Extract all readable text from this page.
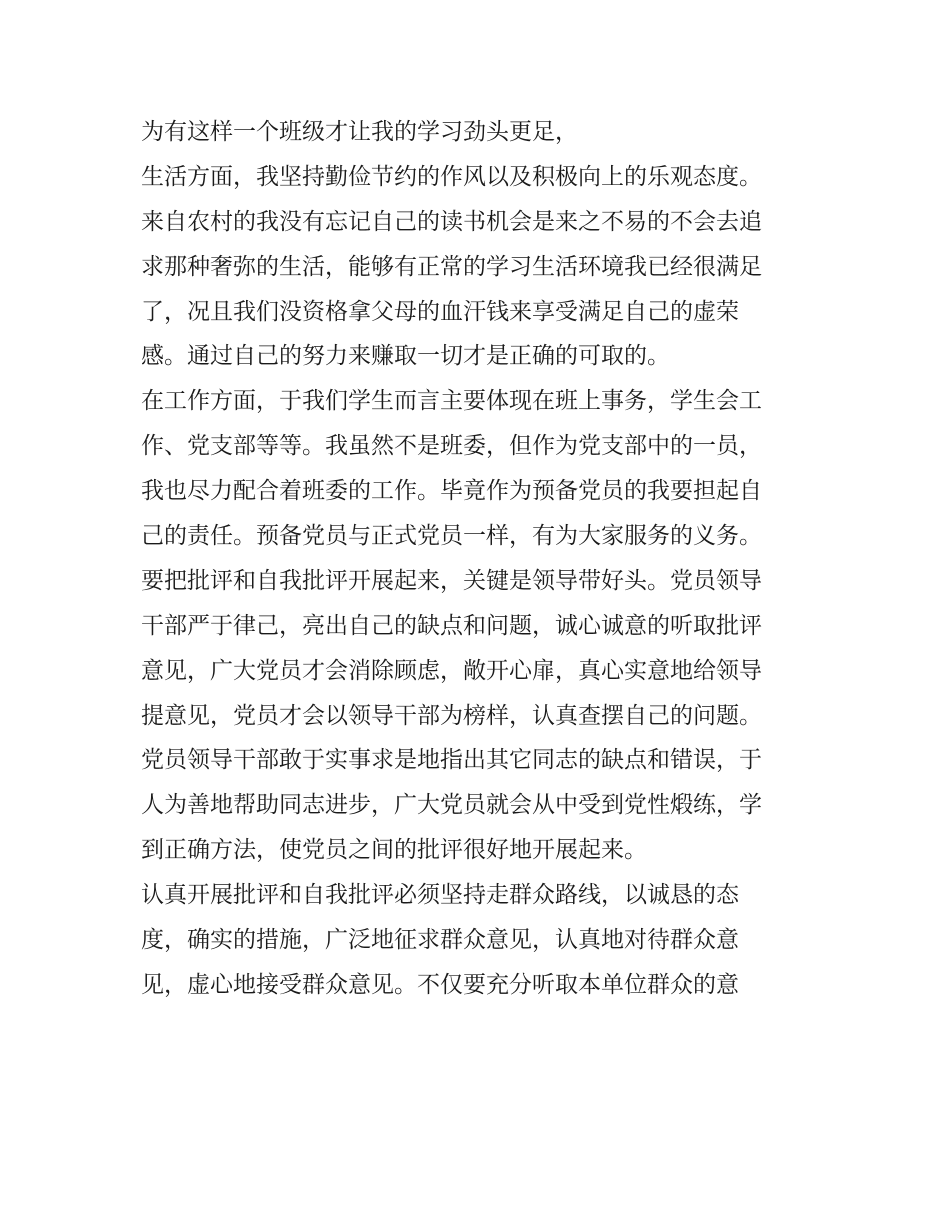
为有这样一个班级才让我的学习劲头更足，
生活方面，我坚持勤俭节约的作风以及积极向上的乐观态度。
来自农村的我没有忘记自己的读书机会是来之不易的不会去追
求那种奢弥的生活，能够有正常的学习生活环境我已经很满足
了，况且我们没资格拿父母的血汗钱来享受满足自己的虚荣
感。通过自己的努力来赚取一切才是正确的可取的。
在工作方面，于我们学生而言主要体现在班上事务，学生会工
作、党支部等等。我虽然不是班委，但作为党支部中的一员，
我也尽力配合着班委的工作。毕竟作为预备党员的我要担起自
己的责任。预备党员与正式党员一样，有为大家服务的义务。
要把批评和自我批评开展起来，关键是领导带好头。党员领导
干部严于律己，亮出自己的缺点和问题，诚心诚意的听取批评
意见，广大党员才会消除顾虑，敞开心扉，真心实意地给领导
提意见，党员才会以领导干部为榜样，认真查摆自己的问题。
党员领导干部敢于实事求是地指出其它同志的缺点和错误，于
人为善地帮助同志进步，广大党员就会从中受到党性煅练，学
到正确方法，使党员之间的批评很好地开展起来。
认真开展批评和自我批评必须坚持走群众路线，以诚恳的态
度，确实的措施，广泛地征求群众意见，认真地对待群众意
见，虚心地接受群众意见。不仅要充分听取本单位群众的意
